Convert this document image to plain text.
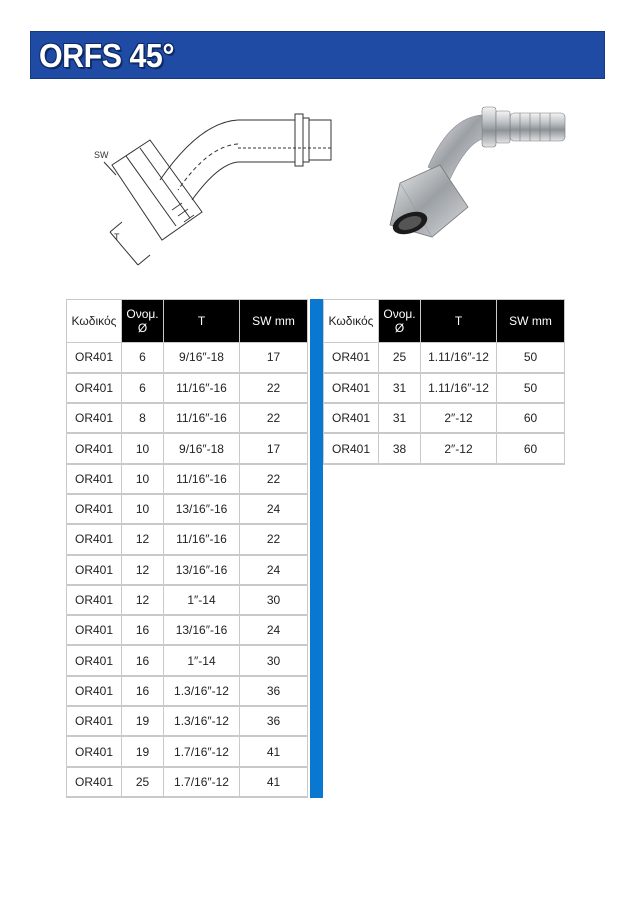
ORFS 45°
SW
T
Κωδικός	Ονομ. Ø	T	SW mm
OR401	6	9/16″-18	17
OR401	6	11/16″-16	22
OR401	8	11/16″-16	22
OR401	10	9/16″-18	17
OR401	10	11/16″-16	22
OR401	10	13/16″-16	24
OR401	12	11/16″-16	22
OR401	12	13/16″-16	24
OR401	12	1″-14	30
OR401	16	13/16″-16	24
OR401	16	1″-14	30
OR401	16	1.3/16″-12	36
OR401	19	1.3/16″-12	36
OR401	19	1.7/16″-12	41
OR401	25	1.7/16″-12	41
Κωδικός	Ονομ. Ø	T	SW mm
OR401	25	1.11/16″-12	50
OR401	31	1.11/16″-12	50
OR401	31	2″-12	60
OR401	38	2″-12	60
